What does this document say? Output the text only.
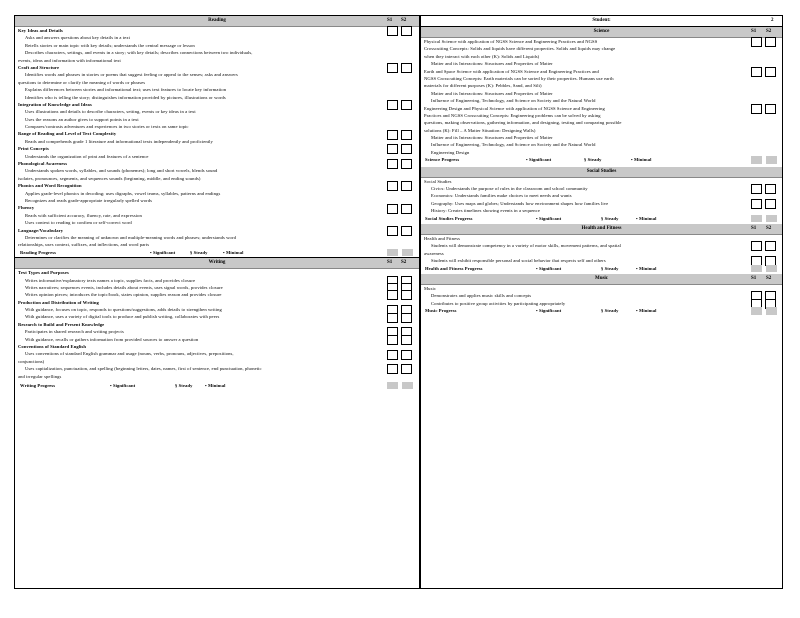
Reading	S1 S2
Key Ideas and Details
Asks and answers questions about key details in a text
Retells stories or main topic with key details; understands the central message or lesson
Describes characters, settings, and events in a story; with key details; describes connections between two individuals,
events, ideas and information with informational text
Craft and Structure
Identifies words and phrases in stories or poems that suggest feeling or appeal to the senses; asks and answers
questions to determine or clarify the meaning of words or phrases
Explains differences between stories and informational text; uses text features to locate key information
Identifies who is telling the story; distinguishes information provided by pictures, illustrations or words
Integration of Knowledge and Ideas
Uses illustrations and details to describe characters, setting, events or key ideas in a text
Uses the reasons an author gives to support points in a text
Compares/contrasts adventures and experiences in two stories or texts on same topic
Range of Reading and Level of Text Complexity
Reads and comprehends grade 1 literature and informational texts independently and proficiently
Print Concepts
Understands the organization of print and features of a sentence
Phonological Awareness
Understands spoken words, syllables, and sounds (phonemes); long and short vowels, blends sound
isolates, pronounces, segments, and sequences sounds (beginning, middle, and ending sounds)
Phonics and Word Recognition
Applies grade-level phonics in decoding; uses digraphs, vowel teams, syllables, patterns and endings
Recognizes and reads grade-appropriate irregularly spelled words
Fluency
Reads with sufficient accuracy, fluency, rate, and expression
Uses context to reading to confirm or self-correct word
Language/Vocabulary
Determines or clarifies the meaning of unknown and multiple-meaning words and phrases; understands word
relationships, uses context, suffixes, and inflections, and word parts
Reading Progress	• Significant	§ Steady	• Minimal
Writing	S1 S2
Text Types and Purposes
Writes informative/explanatory texts names a topic, supplies facts, and provides closure
Writes narratives; sequences events, includes details about events, uses signal words, provides closure
Writes opinion pieces; introduces the topic/book, states opinion, supplies reason and provides closure
Production and Distribution of Writing
With guidance, focuses on topic, responds to questions/suggestions, adds details to strengthen writing
With guidance, uses a variety of digital tools to produce and publish writing, collaborates with peers
Research to Build and Present Knowledge
Participates in shared research and writing projects
With guidance, recalls or gathers information from provided sources to answer a question
Conventions of Standard English
Uses conventions of standard English grammar and usage (nouns, verbs, pronouns, adjectives, prepositions,
conjunctions)
Uses capitalization, punctuation, and spelling (beginning letters, dates, names, first of sentence, end punctuation, phonetic
and irregular spellings
Writing Progress	• Significant	§ Steady	• Minimal
Student:	2
Science	S1 S2
Physical Science with application of NGSS Science and Engineering Practices and NGSS
Crosscutting Concepts: Solids and liquids have different properties. Solids and liquids may change
when they interact with each other (K): Solids and Liquids)
Matter and its Interactions: Structures and Properties of Matter
Earth and Space Science with application of NGSS Science and Engineering Practices and
NGSS Crosscutting Concepts: Earth materials can be sorted by their properties. Humans use earth
materials for different purposes (K): Pebbles, Sand, and Silt)
Matter and its Interactions: Structures and Properties of Matter
Influence of Engineering, Technology, and Science on Society and the Natural World
Engineering Design and Physical Science with application of NGSS Science and Engineering
Practices and NGSS Crosscutting Concepts: Engineering problems can be solved by asking
questions, making observations, gathering information, and designing, testing and comparing possible
solutions (K): Fill – A Matter Situation: Designing Walls)
Matter and its Interactions: Structures and Properties of Matter
Influence of Engineering, Technology, and Science on Society and the Natural World
Engineering Design
Science Progress	• Significant	§ Steady	• Minimal
Social Studies
Social Studies
Civics: Understands the purpose of rules in the classroom and school community
Economics: Understands families make choices to meet needs and wants
Geography: Uses maps and globes; Understands how environment shapes how families live
History: Creates timelines showing events in a sequence
Social Studies Progress	• Significant	§ Steady	• Minimal
Health and Fitness	S1 S2
Health and Fitness
Students will demonstrate competency in a variety of motor skills, movement patterns, and spatial
awareness
Students will exhibit responsible personal and social behavior that respects self and others
Health and Fitness Progress	• Significant	§ Steady	• Minimal
Music	S1 S2
Music
Demonstrates and applies music skills and concepts
Contributes to positive group activities by participating appropriately
Music Progress	• Significant	§ Steady	• Minimal
